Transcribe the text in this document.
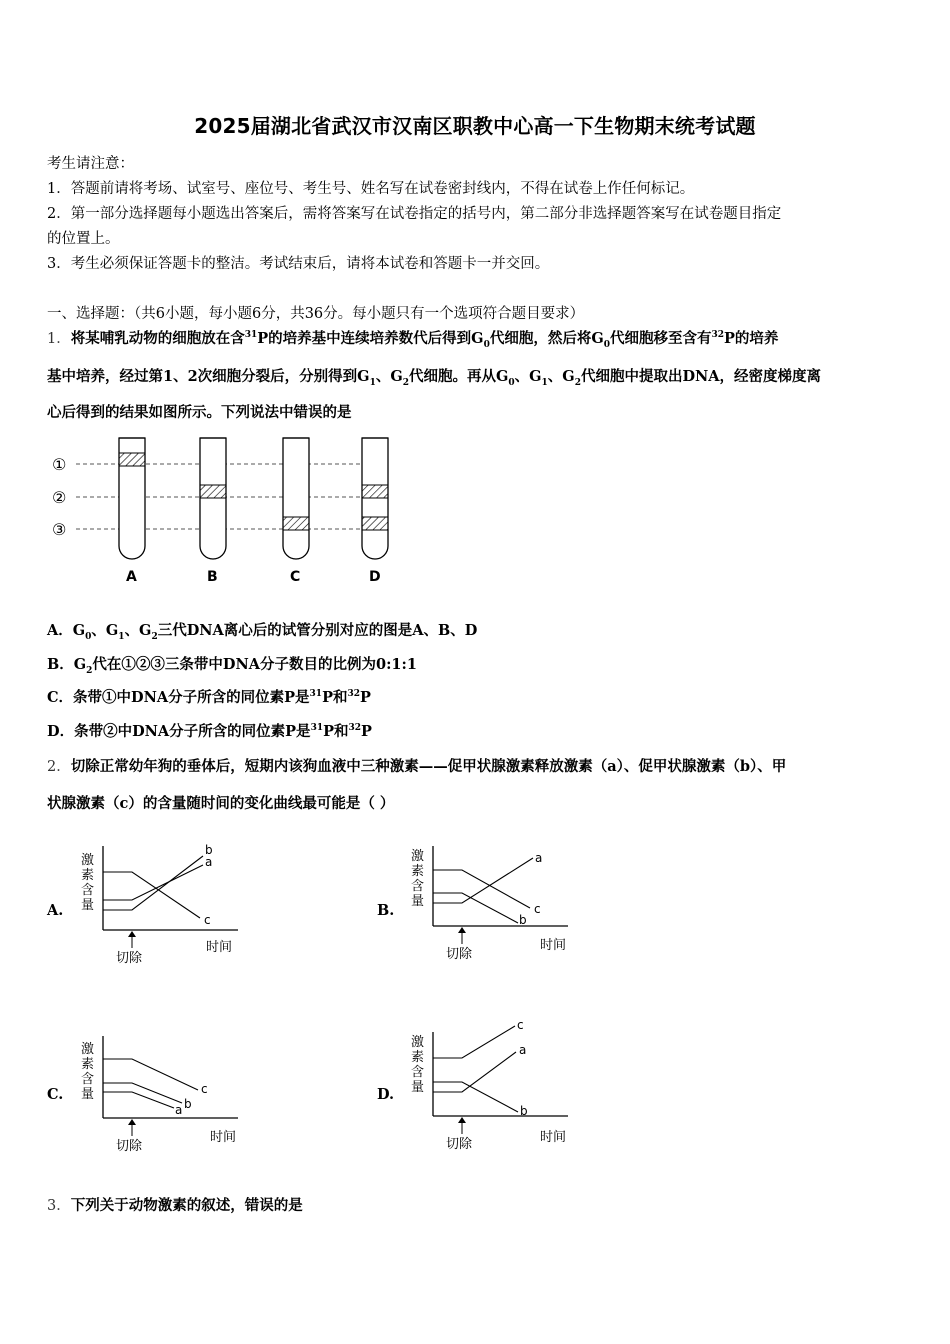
2025届湖北省武汉市汉南区职教中心高一下生物期末统考试题
考生请注意：
1．答题前请将考场、试室号、座位号、考生号、姓名写在试卷密封线内，不得在试卷上作任何标记。
2．第一部分选择题每小题选出答案后，需将答案写在试卷指定的括号内，第二部分非选择题答案写在试卷题目指定
的位置上。
3．考生必须保证答题卡的整洁。考试结束后，请将本试卷和答题卡一并交回。
一、选择题：（共6小题，每小题6分，共36分。每小题只有一个选项符合题目要求）
1．将某哺乳动物的细胞放在含$^{31}$P的培养基中连续培养数代后得到$G_0$代细胞，然后将$G_0$代细胞移至含有$^{32}$P的培养
基中培养，经过第1、2次细胞分裂后，分别得到$G_1$、$G_2$代细胞。再从$G_0$、$G_1$、$G_2$代细胞中提取出DNA，经密度梯度离
心后得到的结果如图所示。下列说法中错误的是
①
②
③
A	B	C	D
A．$G_0$、$G_1$、$G_2$三代DNA离心后的试管分别对应的图是A、B、D
B．$G_2$代在①②③三条带中DNA分子数目的比例为0:1:1
C．条带①中DNA分子所含的同位素P是$^{31}$P和$^{32}$P
D．条带②中DNA分子所含的同位素P是$^{31}$P和$^{32}$P
2．切除正常幼年狗的垂体后，短期内该狗血液中三种激素——促甲状腺激素释放激素（a）、促甲状腺激素（b）、甲
状腺激素（c）的含量随时间的变化曲线最可能是（ ）
A.	B.
C.	D.
激
素
含
量
切除
时间
b
a
c
激
素
含
量
切除
时间
a
c
b
激
素
含
量
切除
时间
c
b
a
激
素
含
量
切除	时间
c
a
b
3．下列关于动物激素的叙述，错误的是
